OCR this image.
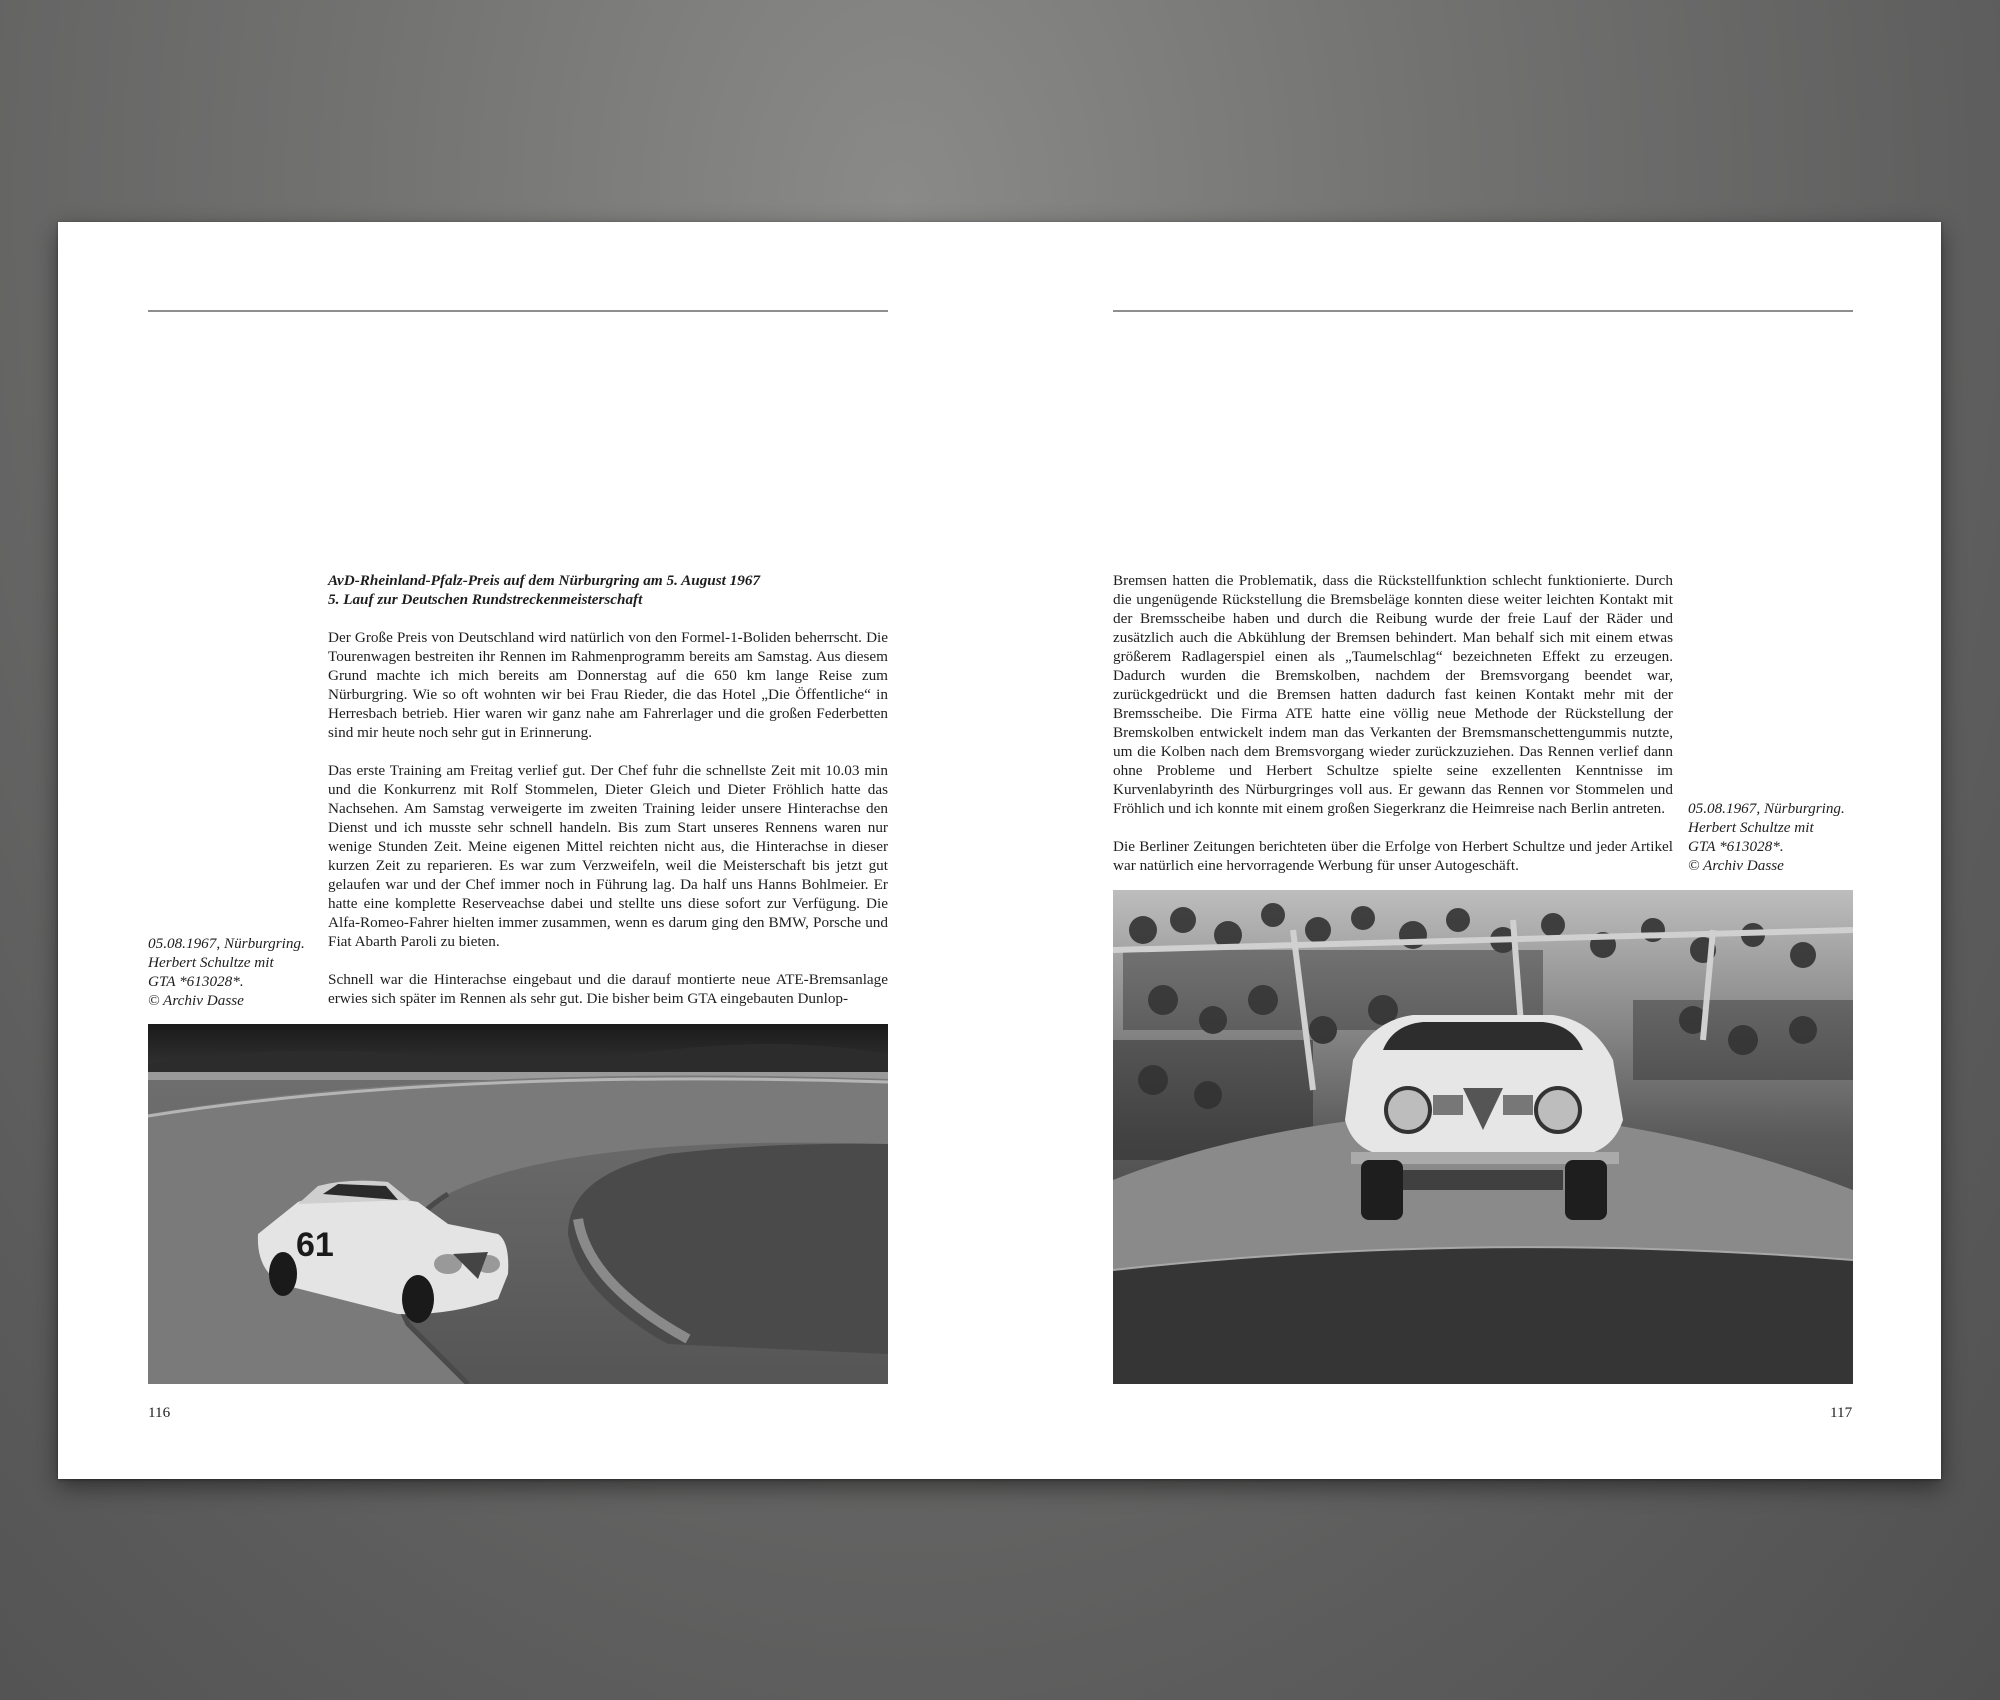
AvD-Rheinland-Pfalz-Preis auf dem Nürburgring am 5. August 1967
5. Lauf zur Deutschen Rundstreckenmeisterschaft

Der Große Preis von Deutschland wird natürlich von den Formel-1-Boliden beherrscht. Die Tourenwagen bestreiten ihr Rennen im Rahmenprogramm bereits am Samstag. Aus diesem Grund machte ich mich bereits am Donnerstag auf die 650 km lange Reise zum Nürburgring. Wie so oft wohnten wir bei Frau Rieder, die das Hotel „Die Öffentliche“ in Herresbach betrieb. Hier waren wir ganz nahe am Fahrerlager und die großen Federbetten sind mir heute noch sehr gut in Erinnerung.

Das erste Training am Freitag verlief gut. Der Chef fuhr die schnellste Zeit mit 10.03 min und die Konkurrenz mit Rolf Stommelen, Dieter Gleich und Dieter Fröhlich hatte das Nachsehen. Am Samstag verweigerte im zweiten Training leider unsere Hinterachse den Dienst und ich musste sehr schnell handeln. Bis zum Start unseres Rennens waren nur wenige Stunden Zeit. Meine eigenen Mittel reichten nicht aus, die Hinterachse in dieser kurzen Zeit zu reparieren. Es war zum Verzweifeln, weil die Meisterschaft bis jetzt gut gelaufen war und der Chef immer noch in Führung lag. Da half uns Hanns Bohlmeier. Er hatte eine komplette Reserveachse dabei und stellte uns diese sofort zur Verfügung. Die Alfa-Romeo-Fahrer hielten immer zusammen, wenn es darum ging den BMW, Porsche und Fiat Abarth Paroli zu bieten.

Schnell war die Hinterachse eingebaut und die darauf montierte neue ATE-Bremsanlage erwies sich später im Rennen als sehr gut. Die bisher beim GTA eingebauten Dunlop-

05.08.1967, Nürburgring.
Herbert Schultze mit
GTA *613028*.
© Archiv Dasse
61
116

Bremsen hatten die Problematik, dass die Rückstellfunktion schlecht funktionierte. Durch die ungenügende Rückstellung die Bremsbeläge konnten diese weiter leichten Kontakt mit der Bremsscheibe haben und durch die Reibung wurde der freie Lauf der Räder und zusätzlich auch die Abkühlung der Bremsen behindert. Man behalf sich mit einem etwas größerem Radlagerspiel einen als „Taumelschlag“ bezeichneten Effekt zu erzeugen. Dadurch wurden die Bremskolben, nachdem der Bremsvorgang beendet war, zurückgedrückt und die Bremsen hatten dadurch fast keinen Kontakt mehr mit der Bremsscheibe. Die Firma ATE hatte eine völlig neue Methode der Rückstellung der Bremskolben entwickelt indem man das Verkanten der Bremsmanschettengummis nutzte, um die Kolben nach dem Bremsvorgang wieder zurückzuziehen. Das Rennen verlief dann ohne Probleme und Herbert Schultze spielte seine exzellenten Kenntnisse im Kurvenlabyrinth des Nürburgringes voll aus. Er gewann das Rennen vor Stommelen und Fröhlich und ich konnte mit einem großen Siegerkranz die Heimreise nach Berlin antreten.

Die Berliner Zeitungen berichteten über die Erfolge von Herbert Schultze und jeder Artikel war natürlich eine hervorragende Werbung für unser Autogeschäft.

05.08.1967, Nürburgring.
Herbert Schultze mit
GTA *613028*.
© Archiv Dasse
117
